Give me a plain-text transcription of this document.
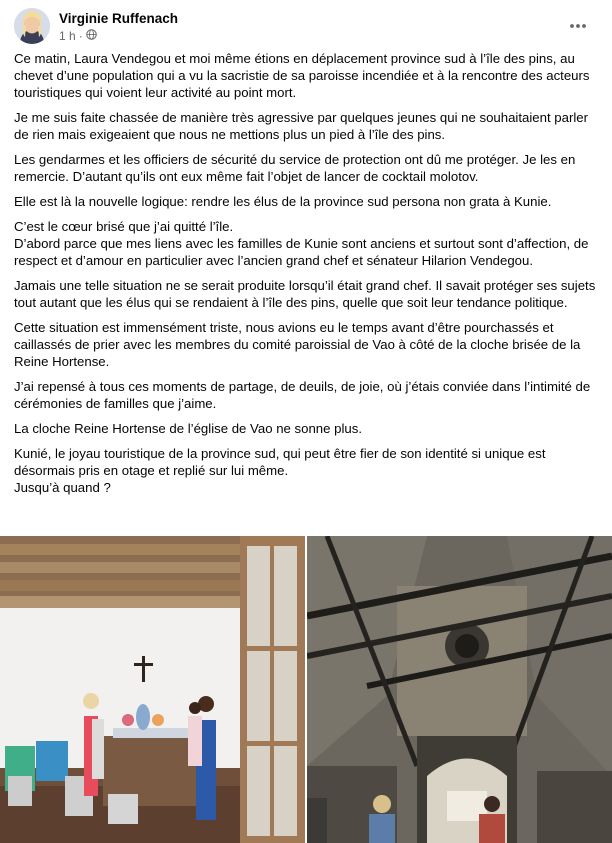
Virginie Ruffenach
1 h ·

Ce matin, Laura Vendegou et moi même étions en déplacement province sud à l’île des pins, au chevet d’une population qui a vu la sacristie de sa paroisse incendiée et à la rencontre des acteurs touristiques qui voient leur activité au point mort.

Je me suis faite chassée de manière très agressive par quelques jeunes qui ne souhaitaient parler de rien mais exigeaient que nous ne mettions plus un pied à l’île des pins.

Les gendarmes et les officiers de sécurité du service de protection ont dû me protéger. Je les en remercie. D’autant qu’ils ont eux même fait l’objet de lancer de cocktail molotov.

Elle est là la nouvelle logique: rendre les élus de la province sud persona non grata à Kunie.

C’est le cœur brisé que j’ai quitté l’île.
D’abord parce que mes liens avec les familles de Kunie sont anciens et surtout sont d’affection, de respect et d’amour en particulier avec l’ancien grand chef et sénateur Hilarion Vendegou.

Jamais une telle situation ne se serait produite lorsqu’il était grand chef. Il savait protéger ses sujets tout autant que les élus qui se rendaient à l’île des pins, quelle que soit leur tendance politique.

Cette situation est immensément triste, nous avions eu le temps avant d’être pourchassés et caillassés de prier avec les membres du comité paroissial de Vao à côté de la cloche brisée de la Reine Hortense.

J’ai repensé à tous ces moments de partage, de deuils, de joie, où j’étais conviée dans l’intimité de cérémonies de familles que j’aime.

La cloche Reine Hortense de l’église de Vao ne sonne plus.

Kunié, le joyau touristique de la province sud, qui peut être fier de son identité si unique est désormais pris en otage et replié sur lui même.
Jusqu’à quand ?
